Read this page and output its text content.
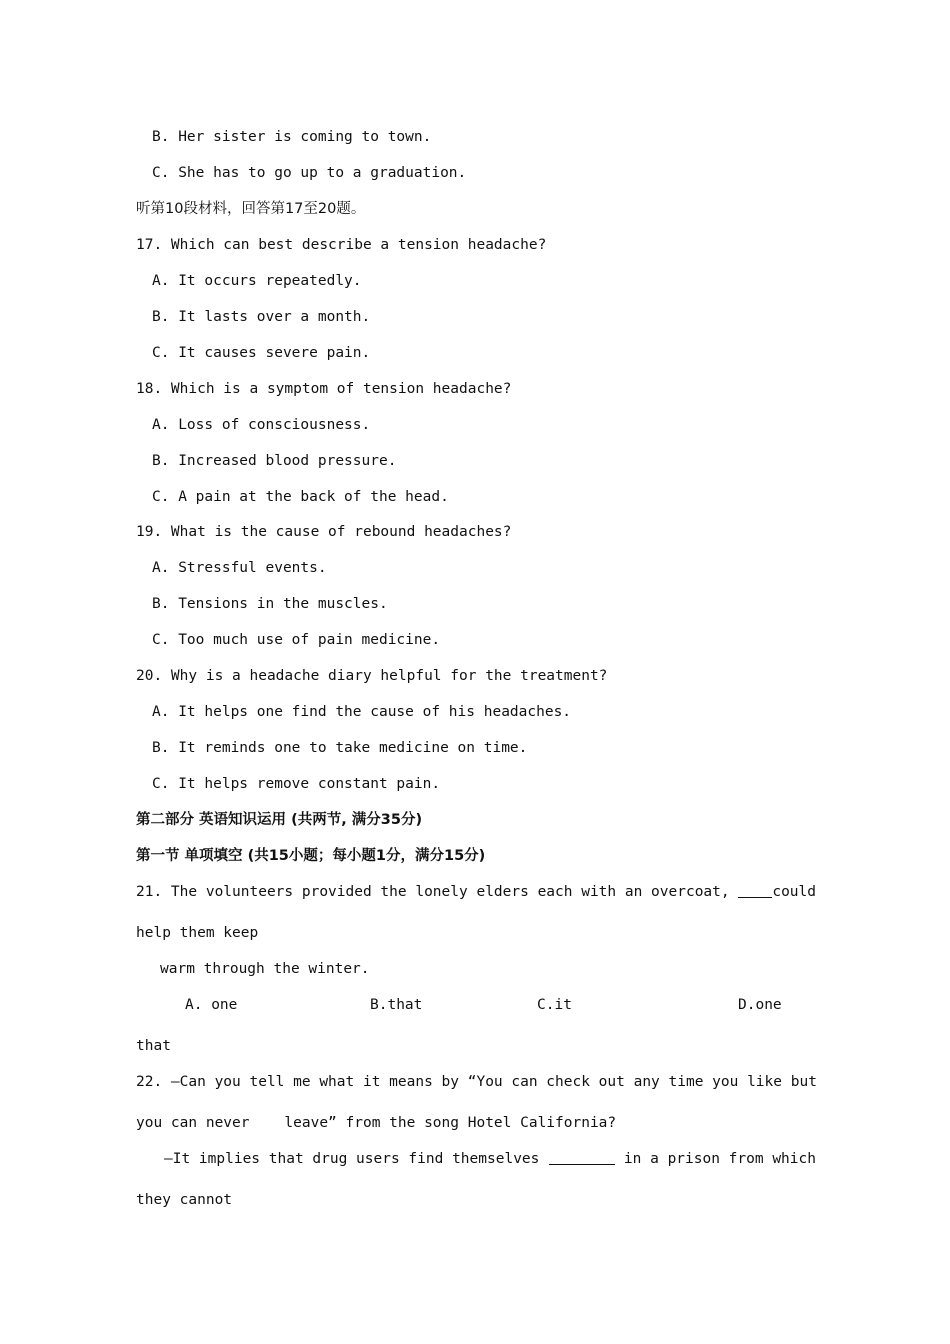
B. Her sister is coming to town.
C. She has to go up to a graduation.
听第10段材料，回答第17至20题。
17. Which can best describe a tension headache?
A. It occurs repeatedly.
B. It lasts over a month.
C. It causes severe pain.
18. Which is a symptom of tension headache?
A. Loss of consciousness.
B. Increased blood pressure.
C. A pain at the back of the head.
19. What is the cause of rebound headaches?
A. Stressful events.
B. Tensions in the muscles.
C. Too much use of pain medicine.
20. Why is a headache diary helpful for the treatment?
A. It helps one find the cause of his headaches.
B. It reminds one to take medicine on time.
C. It helps remove constant pain.
第二部分 英语知识运用 (共两节, 满分35分)
第一节 单项填空 (共15小题；每小题1分，满分15分)
21. The volunteers provided the lonely elders each with an overcoat,	could
help them keep
warm through the winter.
A. one	B.that	C.it	D.one
that
22. —Can you tell me what it means by “You can check out any time you like but
you can never    leave” from the song Hotel California?
—It implies that drug users find themselves	in a prison from which
they cannot
